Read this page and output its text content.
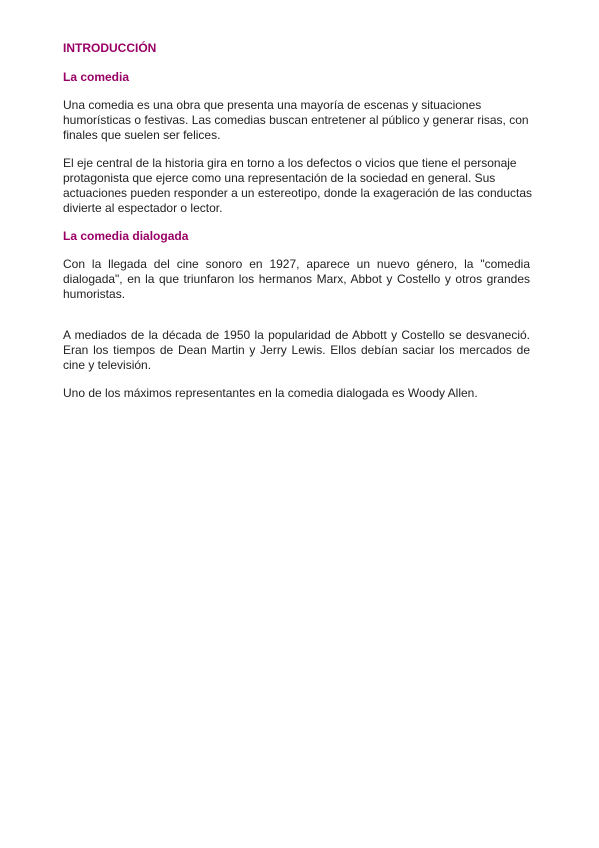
INTRODUCCIÓN
La comedia

Una comedia es una obra que presenta una mayoría de escenas y situaciones humorísticas o festivas. Las comedias buscan entretener al público y generar risas, con finales que suelen ser felices.

El eje central de la historia gira en torno a los defectos o vicios que tiene el personaje protagonista que ejerce como una representación de la sociedad en general. Sus actuaciones pueden responder a un estereotipo, donde la exageración de las conductas divierte al espectador o lector.

La comedia dialogada

Con la llegada del cine sonoro en 1927, aparece un nuevo género, la "comedia dialogada", en la que triunfaron los hermanos Marx, Abbot y Costello y otros grandes humoristas.

A mediados de la década de 1950 la popularidad de Abbott y Costello se desvaneció. Eran los tiempos de Dean Martin y Jerry Lewis. Ellos debían saciar los mercados de cine y televisión.

Uno de los máximos representantes en la comedia dialogada es Woody Allen.
